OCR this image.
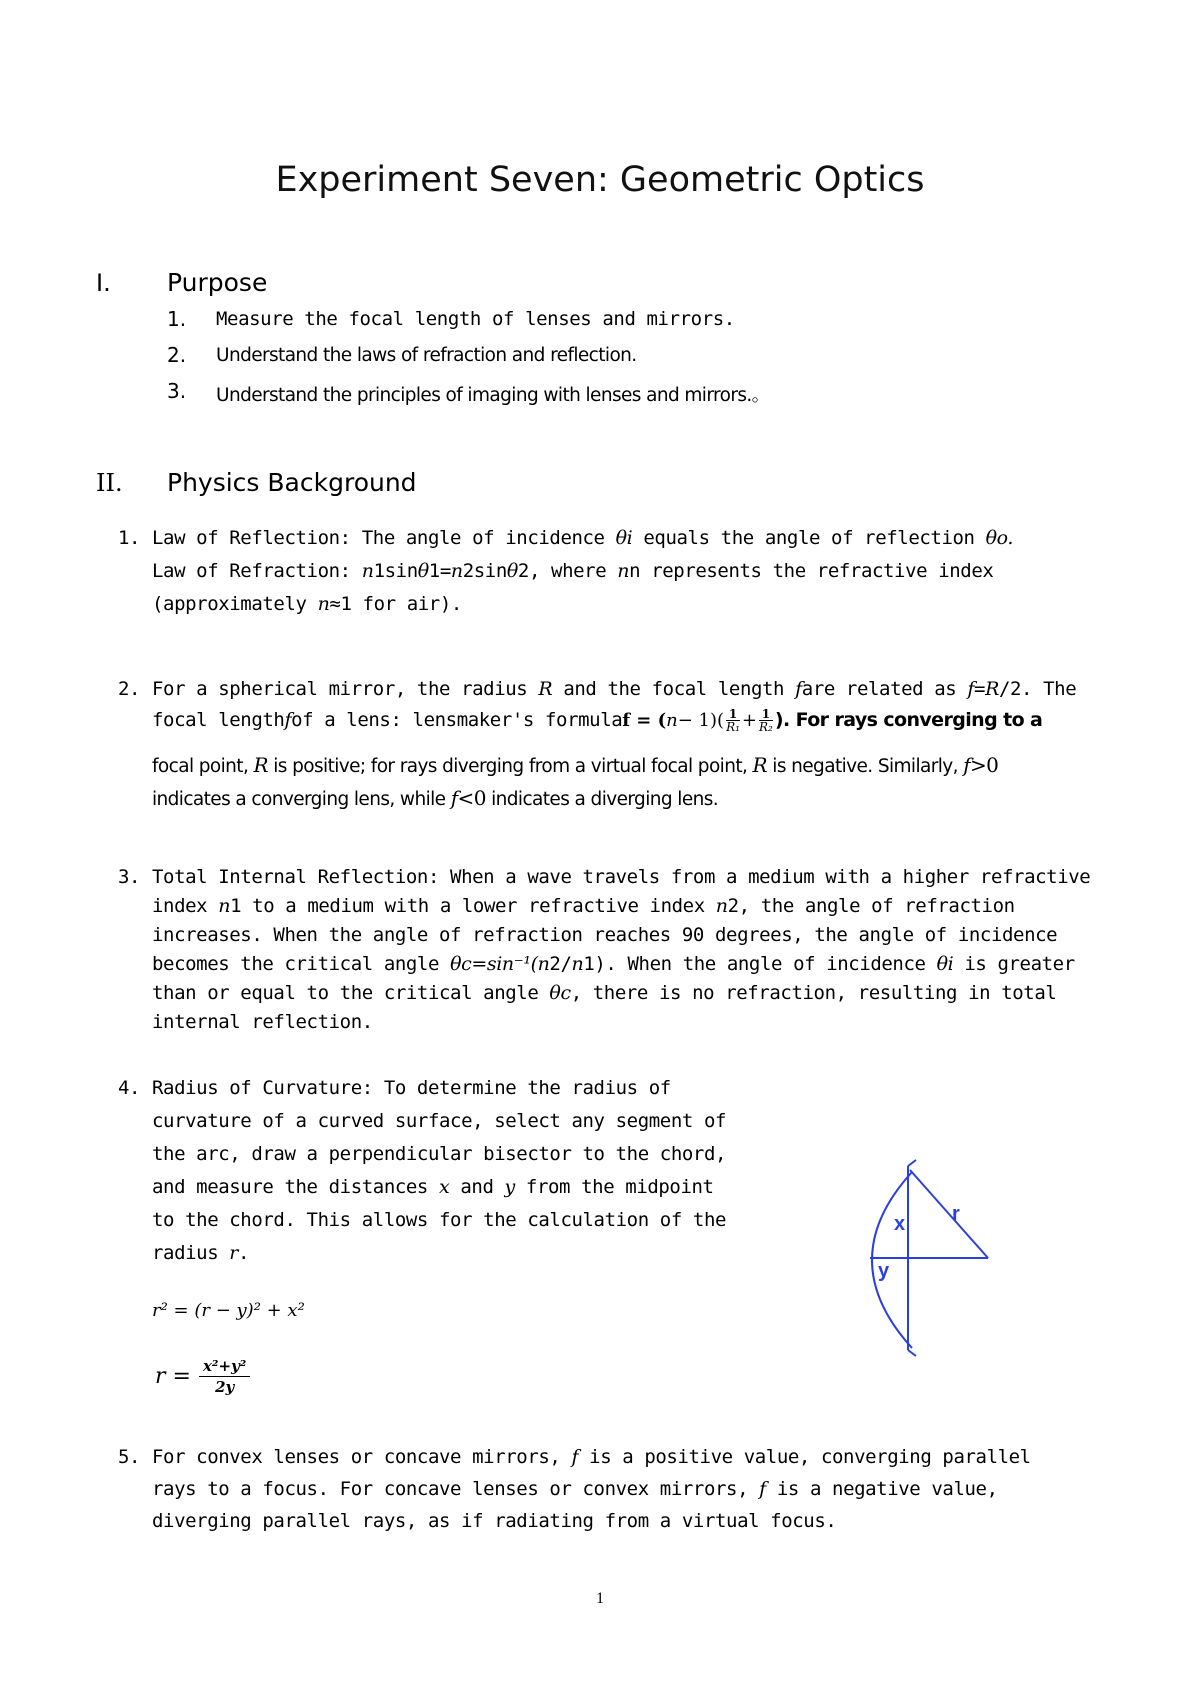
Experiment Seven: Geometric Optics
I. Purpose
1. Measure the focal length of lenses and mirrors.
2. Understand the laws of refraction and reflection.
3. Understand the principles of imaging with lenses and mirrors.。
II. Physics Background
1. Law of Reflection: The angle of incidence θi equals the angle of reflection θo.
Law of Refraction: n1sinθ1=n2sinθ2, where nn represents the refractive index
(approximately n≈1 for air).
2. For a spherical mirror, the radius R and the focal length fare related as f=R/2. The
focal length f of a lens: lensmaker's formula f = ( $n - 1)( \frac{1}{\text{R₁}} + \frac{1}{\text{R₂}}$ ). For rays converging to a
focal point, R is positive; for rays diverging from a virtual focal point, R is negative. Similarly, f>0
indicates a converging lens, while f<0 indicates a diverging lens.
3. Total Internal Reflection: When a wave travels from a medium with a higher refractive
index n1 to a medium with a lower refractive index n2, the angle of refraction
increases. When the angle of refraction reaches 90 degrees, the angle of incidence
becomes the critical angle θc=sin⁻¹(n2/n1). When the angle of incidence θi is greater
than or equal to the critical angle θc, there is no refraction, resulting in total
internal reflection.
4. Radius of Curvature: To determine the radius of
curvature of a curved surface, select any segment of
the arc, draw a perpendicular bisector to the chord,
and measure the distances x and y from the midpoint
to the chord. This allows for the calculation of the
radius r.
r² = (r − y)² + x²
$r = \frac{\text{x²+y²}}{2y}$
x r
y
5. For convex lenses or concave mirrors, f is a positive value, converging parallel
rays to a focus. For concave lenses or convex mirrors, f is a negative value,
diverging parallel rays, as if radiating from a virtual focus.
1
